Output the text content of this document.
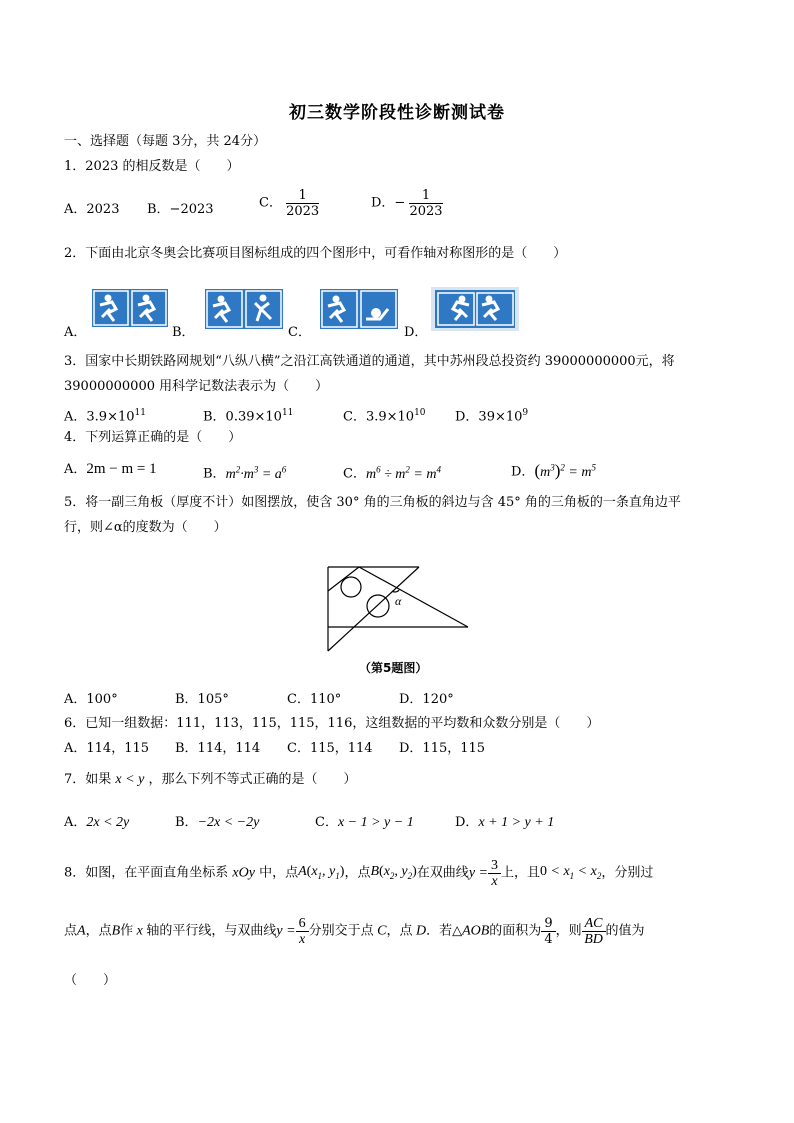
初三数学阶段性诊断测试卷
一、选择题（每题 3分，共 24分）
1．2023 的相反数是（　　）
A．2023 B．−2023	C． $\frac{1}{2023}$	D．− $\frac{1}{2023}$
2．下面由北京冬奥会比赛项目图标组成的四个图形中，可看作轴对称图形的是（　　）
A．	B．	C．	D．
3．国家中长期铁路网规划“八纵八横”之沿江高铁通道的通道，其中苏州段总投资约 39000000000元，将
39000000000 用科学记数法表示为（　　）
A．$3.9\times 10^{11}$	B．$0.39\times 10^{11}$	C．$3.9\times 10^{10}$ D．$39\times 10^9$
4．下列运算正确的是（　　）
A．2m − m = 1	B．$m^2\cdot m^3 = a^6$	C．$m^6 \div m^2 = m^4$	D．$(m^3)^2 = m^5$
5．将一副三角板（厚度不计）如图摆放，使含 30° 角的三角板的斜边与含 45° 角的三角板的一条直角边平
行，则∠α的度数为（　　）
α
（第5题图）
A．100°	B．105°	C．110°	D．120°
6．已知一组数据：111，113，115，115，116，这组数据的平均数和众数分别是（　　）
A．114，115 B．114，114 C．115，114 D．115，115
7．如果 x < y ，那么下列不等式正确的是（　　）
A．2x < 2y	B．−2x < −2y	C．x − 1 > y − 1	D．x + 1 > y + 1
8．如图，在平面直角坐标系 xOy 中，点$A(x_1$, $y_1$)，点$B(x_2$, $y_2$)在双曲线$y = \frac{3}{x}$ 上，且$0 < x_1 < x_2$，分别过
点A，点B作 x 轴的平行线，与双曲线$y = \frac{6}{x}$ 分别交于点 C，点 D．若△AOB的面积为 $\frac{9}{4}$ ，则 $\frac{AC}{BD}$ 的值为
（　　）
